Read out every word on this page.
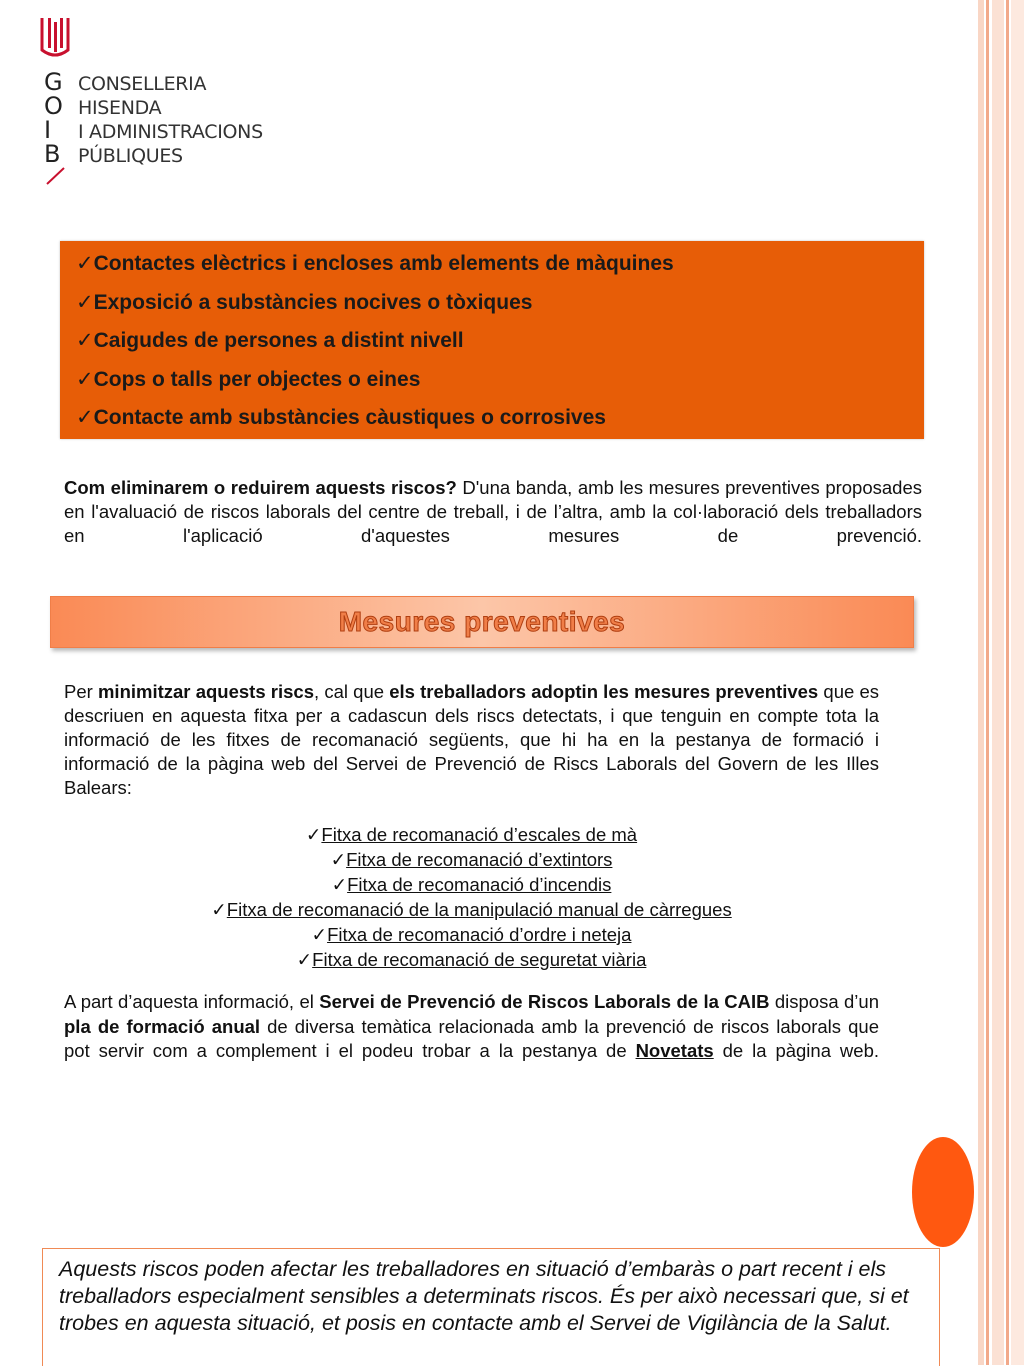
G
O
I
B
CONSELLERIA
HISENDA
I ADMINISTRACIONS
PÚBLIQUES
✓Contactes elèctrics i encloses amb elements de màquines
✓Exposició a substàncies nocives o tòxiques
✓Caigudes de persones a distint nivell
✓Cops o talls per objectes o eines
✓Contacte amb substàncies càustiques o corrosives

Com eliminarem o reduirem aquests riscos? D'una banda, amb les mesures preventives proposades en l'avaluació de riscos laborals del centre de treball, i de l’altra, amb la col·laboració dels treballadors en l'aplicació d'aquestes mesures de prevenció.

Mesures preventives

Per minimitzar aquests riscs, cal que els treballadors adoptin les mesures preventives que es descriuen en aquesta fitxa per a cadascun dels riscs detectats, i que tenguin en compte tota la informació de les fitxes de recomanació següents, que hi ha en la pestanya de formació i informació de la pàgina web del Servei de Prevenció de Riscs Laborals del Govern de les Illes Balears:

✓Fitxa de recomanació d’escales de mà
✓Fitxa de recomanació d’extintors
✓Fitxa de recomanació d’incendis
✓Fitxa de recomanació de la manipulació manual de càrregues
✓Fitxa de recomanació d’ordre i neteja
✓Fitxa de recomanació de seguretat viària

A part d’aquesta informació, el Servei de Prevenció de Riscos Laborals de la CAIB disposa d’un pla de formació anual de diversa temàtica relacionada amb la prevenció de riscos laborals que pot servir com a complement i el podeu trobar a la pestanya de Novetats de la pàgina web.

Aquests riscos poden afectar les treballadores en situació d’embaràs o part recent i els treballadors especialment sensibles a determinats riscos. És per això necessari que, si et trobes en aquesta situació, et posis en contacte amb el Servei de Vigilància de la Salut.
